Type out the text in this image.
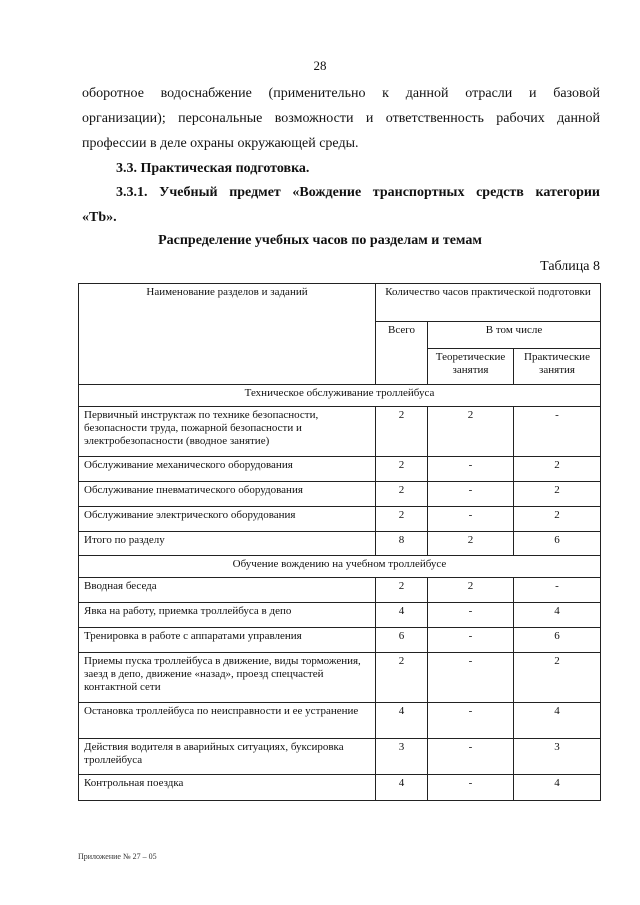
28
оборотное водоснабжение (применительно к данной отрасли и базовой
организации); персональные возможности и ответственность рабочих данной
профессии в деле охраны окружающей среды.
3.3. Практическая подготовка.
3.3.1. Учебный предмет «Вождение транспортных средств категории
«Tb».
Распределение учебных часов по разделам и темам
Таблица 8
Наименование разделов и заданий	Количество часов практической подготовки		
	Всего	В том числе	
		Теоретические занятия	Практические занятия
Техническое обслуживание троллейбуса			
Первичный инструктаж по технике безопасности, безопасности труда, пожарной безопасности и электробезопасности (вводное занятие)	2	2	-
Обслуживание механического оборудования	2	-	2
Обслуживание пневматического оборудования	2	-	2
Обслуживание электрического оборудования	2	-	2
Итого по разделу	8	2	6
Обучение вождению на учебном троллейбусе			
Вводная беседа	2	2	-
Явка на работу, приемка троллейбуса в депо	4	-	4
Тренировка в работе с аппаратами управления	6	-	6
Приемы пуска троллейбуса в движение, виды торможения, заезд в депо, движение «назад», проезд спецчастей контактной сети	2	-	2
Остановка троллейбуса по неисправности и ее устранение	4	-	4
Действия водителя в аварийных ситуациях, буксировка троллейбуса	3	-	3
Контрольная поездка	4	-	4
Приложение № 27 – 05
